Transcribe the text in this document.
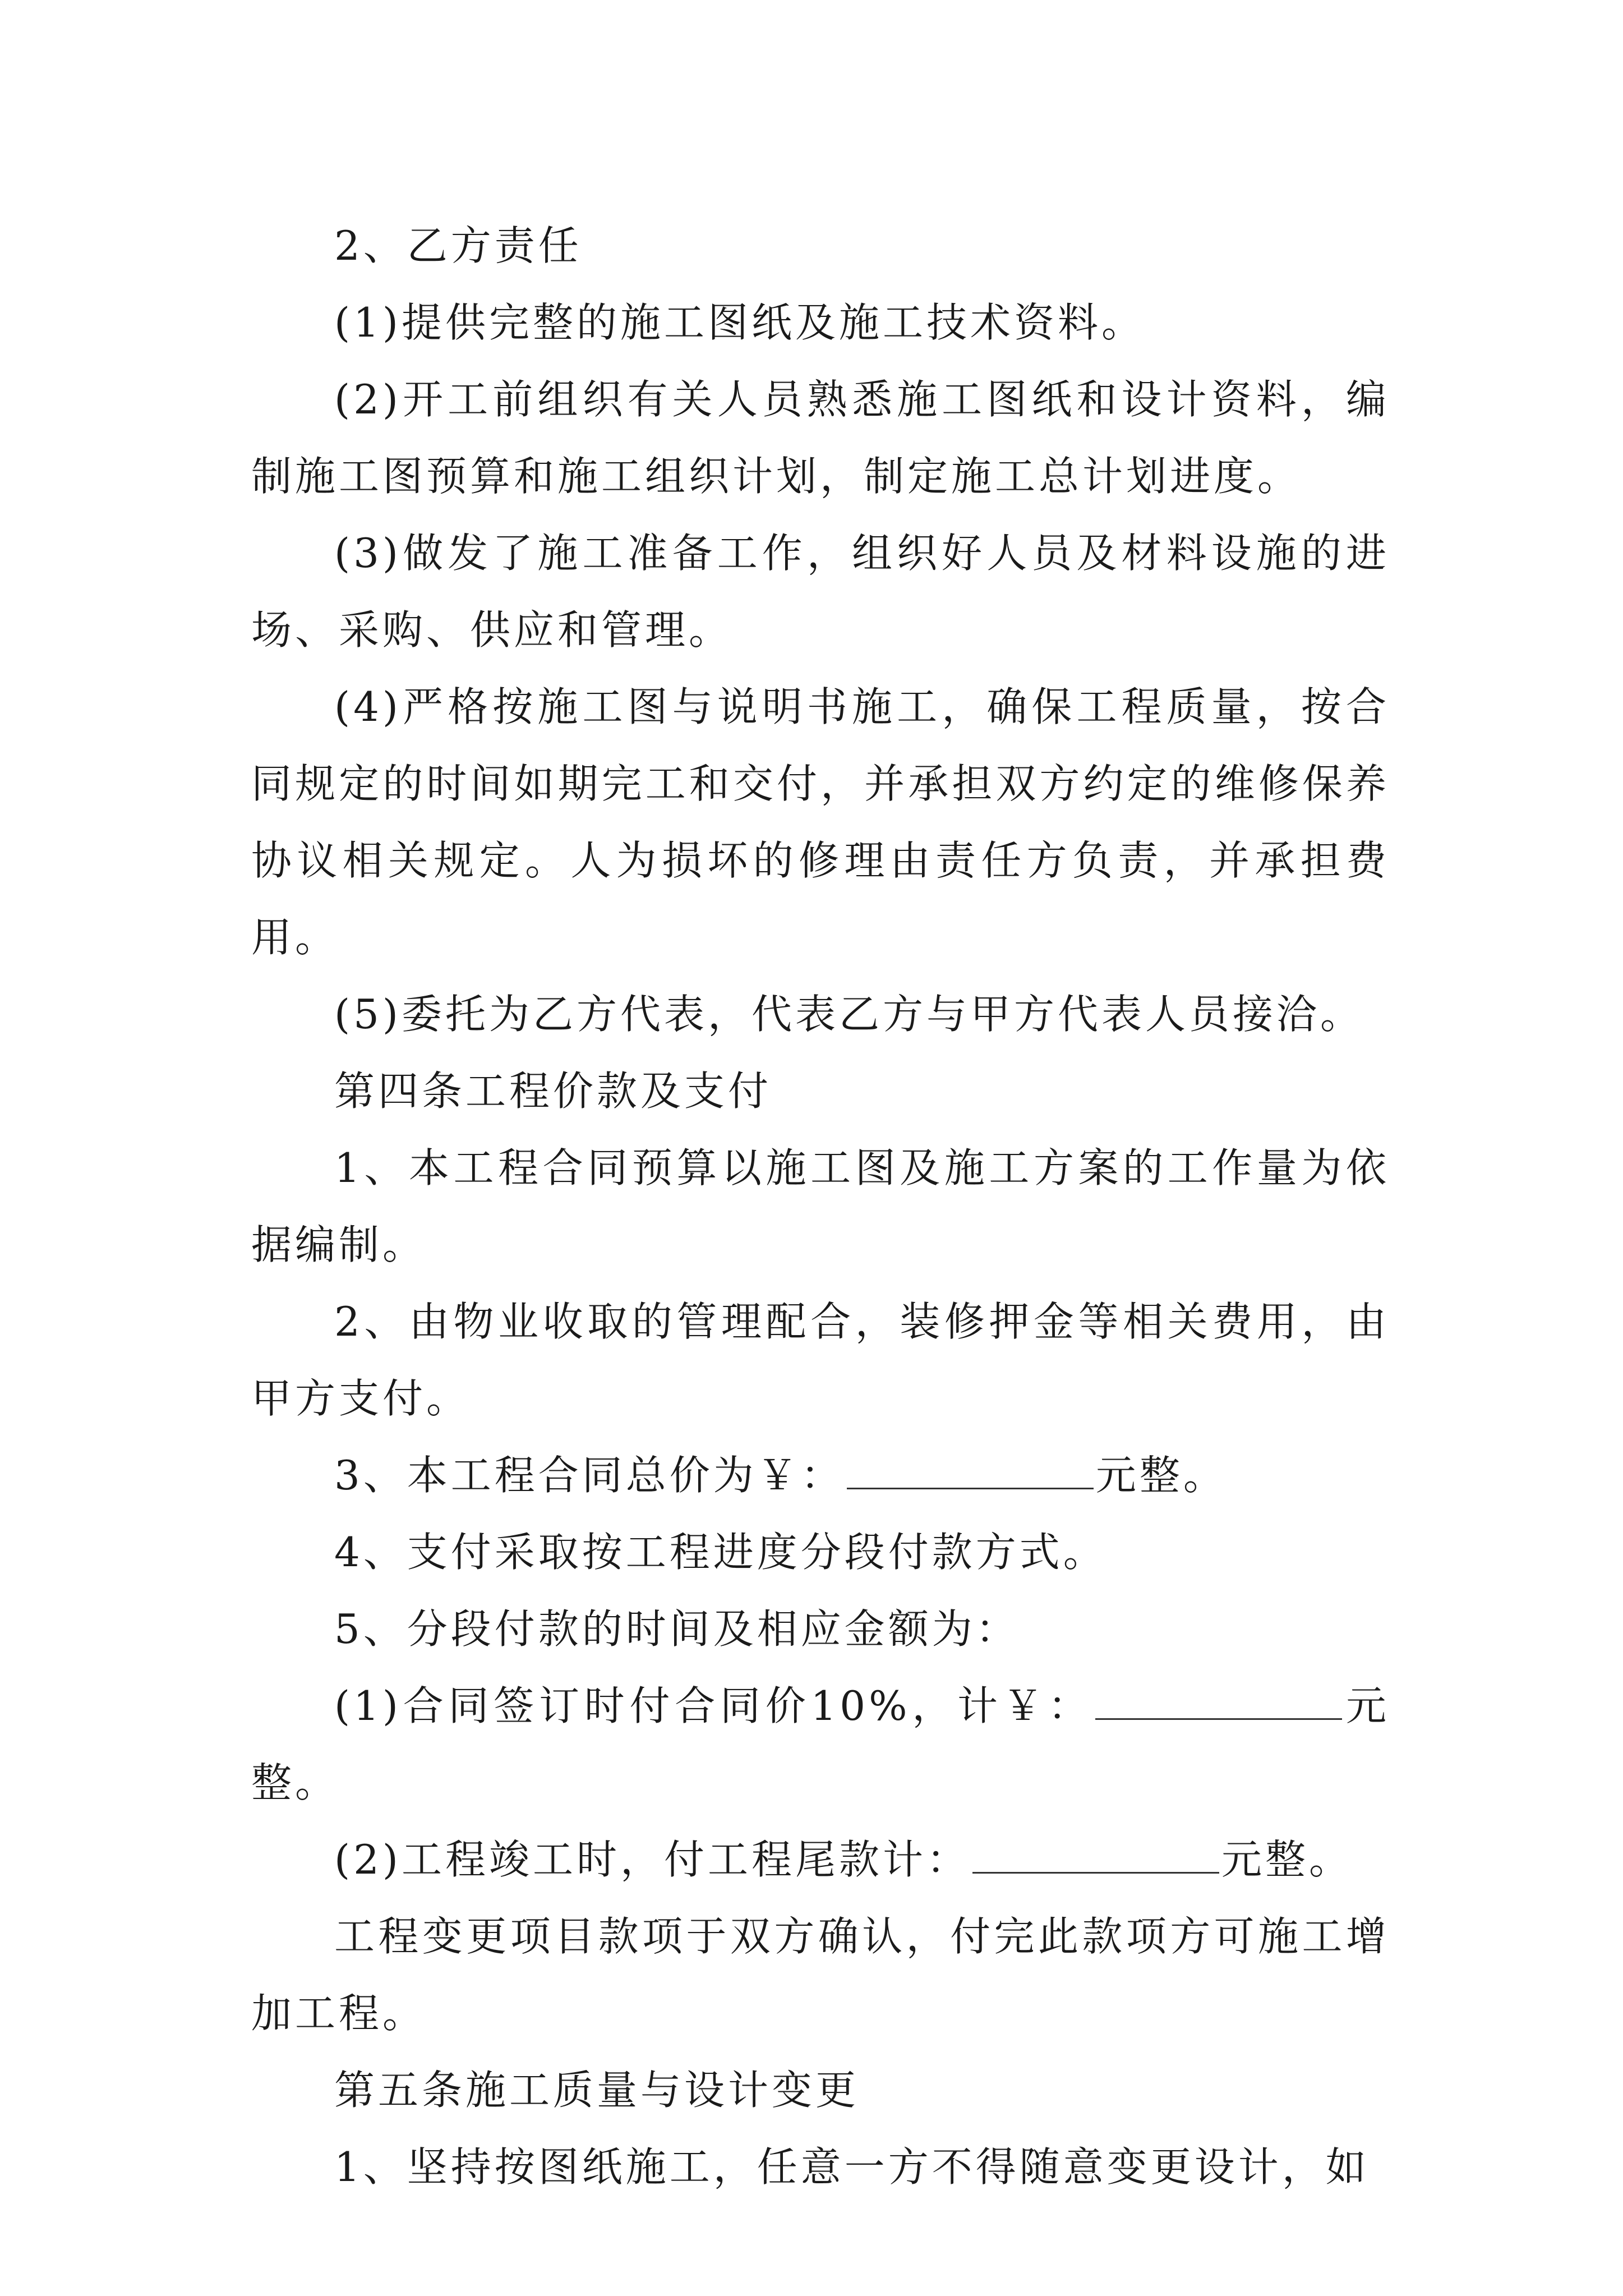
2、乙方责任

(1)提供完整的施工图纸及施工技术资料。

(2)开工前组织有关人员熟悉施工图纸和设计资料，编制施工图预算和施工组织计划，制定施工总计划进度。

(3)做发了施工准备工作，组织好人员及材料设施的进场、采购、供应和管理。

(4)严格按施工图与说明书施工，确保工程质量，按合同规定的时间如期完工和交付，并承担双方约定的维修保养协议相关规定。人为损坏的修理由责任方负责，并承担费用。

(5)委托为乙方代表，代表乙方与甲方代表人员接洽。

第四条工程价款及支付

1、本工程合同预算以施工图及施工方案的工作量为依据编制。

2、由物业收取的管理配合，装修押金等相关费用，由甲方支付。

3、本工程合同总价为￥：	元整。

4、支付采取按工程进度分段付款方式。

5、分段付款的时间及相应金额为：

(1)合同签订时付合同价10%，计￥：	元整。

(2)工程竣工时，付工程尾款计：	元整。

工程变更项目款项于双方确认，付完此款项方可施工增加工程。

第五条施工质量与设计变更

1、坚持按图纸施工，任意一方不得随意变更设计，如
